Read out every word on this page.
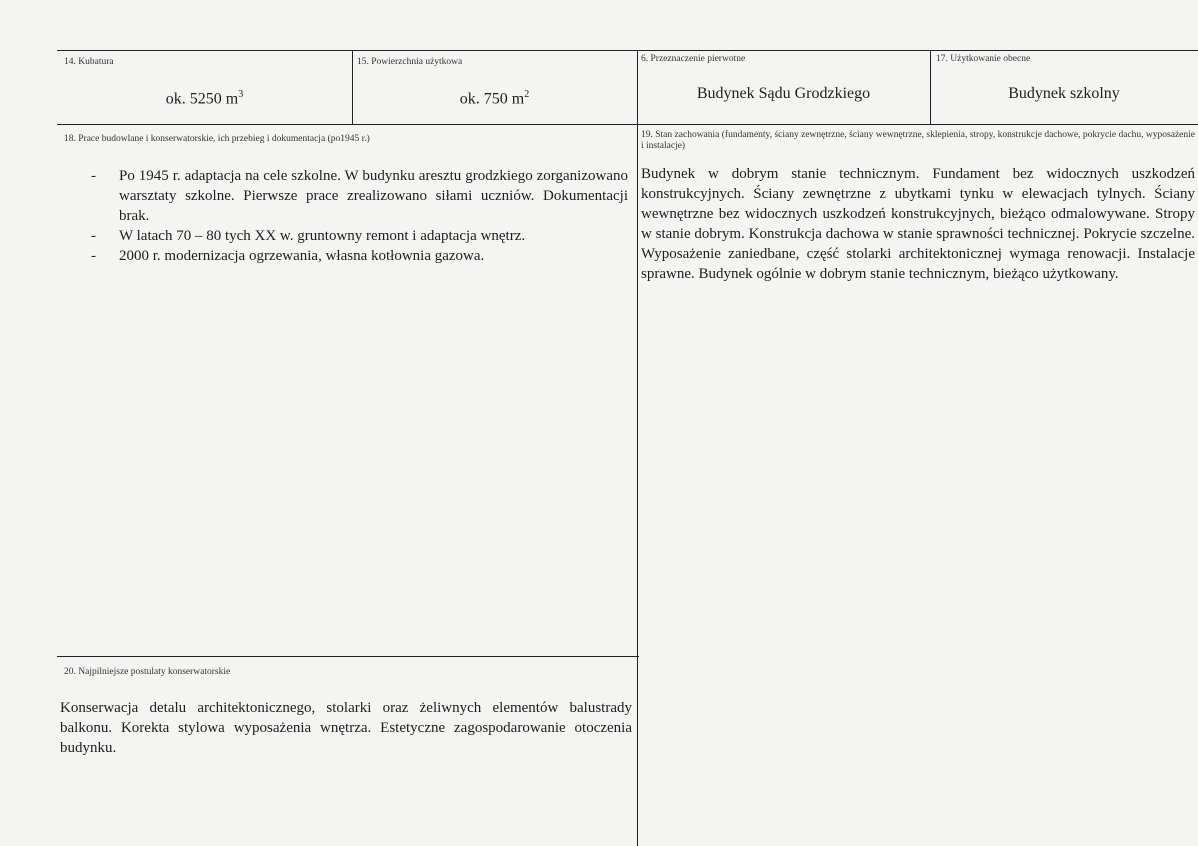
14. Kubatura
ok. 5250 $m^3$
15. Powierzchnia użytkowa
ok. 750 $m^2$
6. Przeznaczenie pierwotne
Budynek Sądu Grodzkiego
17. Użytkowanie obecne
Budynek szkolny
18. Prace budowlane i konserwatorskie, ich przebieg i dokumentacja (po1945 r.)
- Po 1945 r. adaptacja na cele szkolne. W budynku aresztu grodzkiego zorganizowano warsztaty szkolne. Pierwsze prace zrealizowano siłami uczniów. Dokumentacji brak.
- W latach 70 – 80 tych XX w. gruntowny remont i adaptacja wnętrz.
- 2000 r. modernizacja ogrzewania, własna kotłownia gazowa.
19. Stan zachowania (fundamenty, ściany zewnętrzne, ściany wewnętrzne, sklepienia, stropy, konstrukcje dachowe, pokrycie dachu, wyposażenie i instalacje)
Budynek w dobrym stanie technicznym. Fundament bez widocznych uszkodzeń konstrukcyjnych. Ściany zewnętrzne z ubytkami tynku w elewacjach tylnych. Ściany wewnętrzne bez widocznych uszkodzeń konstrukcyjnych, bieżąco odmalowywane. Stropy w stanie dobrym. Konstrukcja dachowa w stanie sprawności technicznej. Pokrycie szczelne. Wyposażenie zaniedbane, część stolarki architektonicznej wymaga renowacji. Instalacje sprawne. Budynek ogólnie w dobrym stanie technicznym, bieżąco użytkowany.
20. Najpilniejsze postulaty konserwatorskie
Konserwacja detalu architektonicznego, stolarki oraz żeliwnych elementów balustrady balkonu. Korekta stylowa wyposażenia wnętrza. Estetyczne zagospodarowanie otoczenia budynku.
